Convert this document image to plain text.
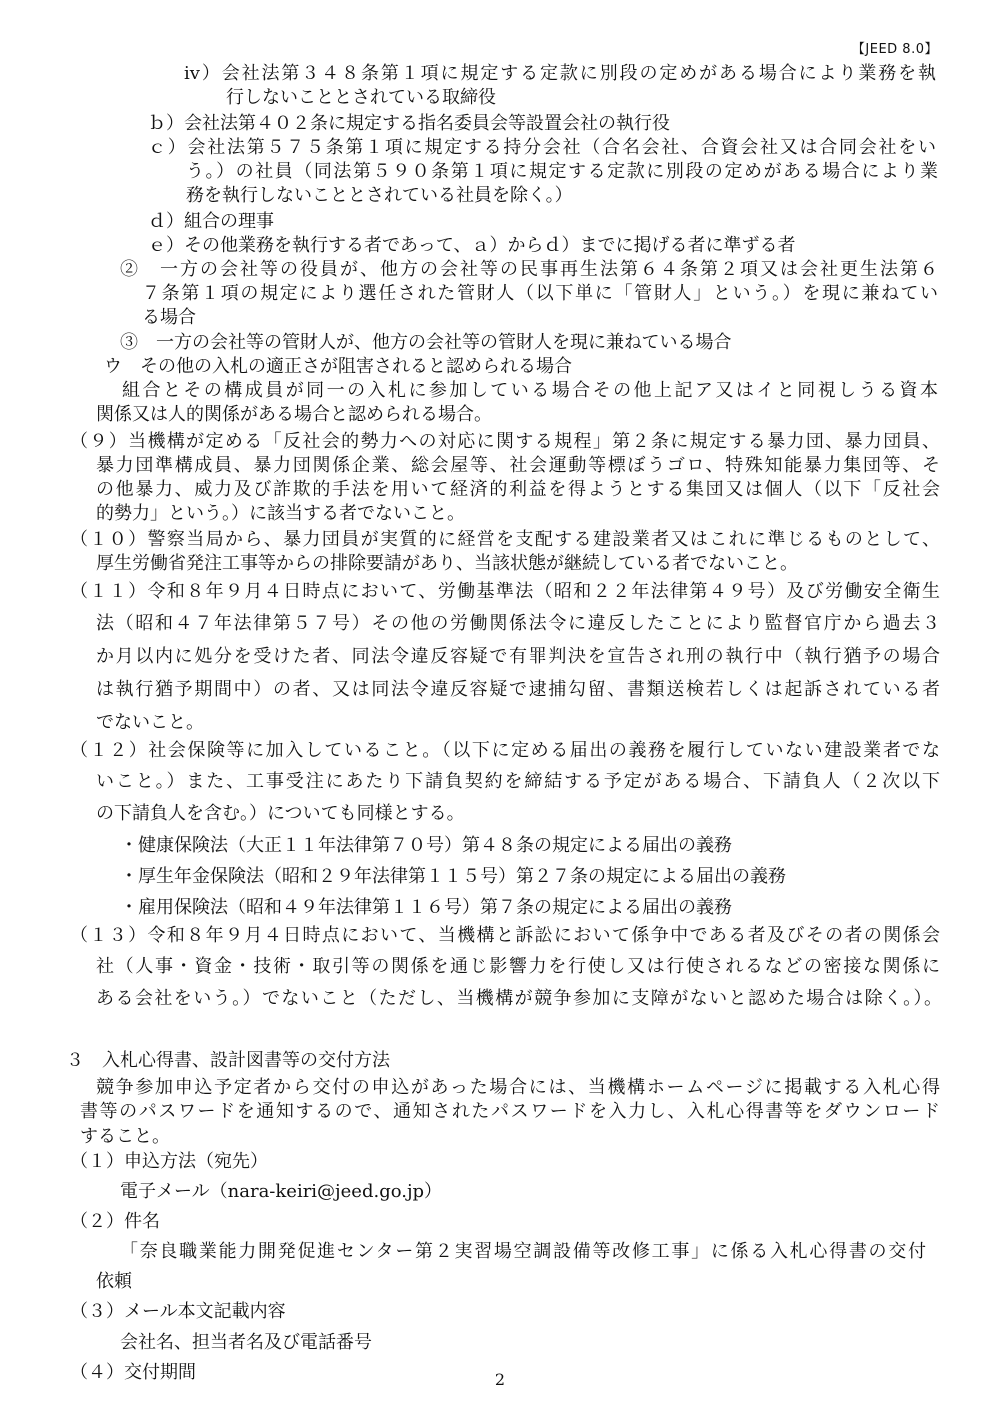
【JEED 8.0】
ⅳ）会社法第３４８条第１項に規定する定款に別段の定めがある場合により業務を執
行しないこととされている取締役
ｂ）会社法第４０２条に規定する指名委員会等設置会社の執行役
ｃ）会社法第５７５条第１項に規定する持分会社（合名会社、合資会社又は合同会社をい
う。）の社員（同法第５９０条第１項に規定する定款に別段の定めがある場合により業
務を執行しないこととされている社員を除く。）
ｄ）組合の理事
ｅ）その他業務を執行する者であって、ａ）からｄ）までに掲げる者に準ずる者
②　一方の会社等の役員が、他方の会社等の民事再生法第６４条第２項又は会社更生法第６
７条第１項の規定により選任された管財人（以下単に「管財人」という。）を現に兼ねてい
る場合
③　一方の会社等の管財人が、他方の会社等の管財人を現に兼ねている場合
ウ　その他の入札の適正さが阻害されると認められる場合
組合とその構成員が同一の入札に参加している場合その他上記ア又はイと同視しうる資本
関係又は人的関係がある場合と認められる場合。
（９）当機構が定める「反社会的勢力への対応に関する規程」第２条に規定する暴力団、暴力団員、
暴力団準構成員、暴力団関係企業、総会屋等、社会運動等標ぼうゴロ、特殊知能暴力集団等、そ
の他暴力、威力及び詐欺的手法を用いて経済的利益を得ようとする集団又は個人（以下「反社会
的勢力」という。）に該当する者でないこと。
（１０）警察当局から、暴力団員が実質的に経営を支配する建設業者又はこれに準じるものとして、
厚生労働省発注工事等からの排除要請があり、当該状態が継続している者でないこと。
（１１）令和８年９月４日時点において、労働基準法（昭和２２年法律第４９号）及び労働安全衛生
法（昭和４７年法律第５７号）その他の労働関係法令に違反したことにより監督官庁から過去３
か月以内に処分を受けた者、同法令違反容疑で有罪判決を宣告され刑の執行中（執行猶予の場合
は執行猶予期間中）の者、又は同法令違反容疑で逮捕勾留、書類送検若しくは起訴されている者
でないこと。
（１２）社会保険等に加入していること。（以下に定める届出の義務を履行していない建設業者でな
いこと。）また、工事受注にあたり下請負契約を締結する予定がある場合、下請負人（２次以下
の下請負人を含む。）についても同様とする。
・健康保険法（大正１１年法律第７０号）第４８条の規定による届出の義務
・厚生年金保険法（昭和２９年法律第１１５号）第２７条の規定による届出の義務
・雇用保険法（昭和４９年法律第１１６号）第７条の規定による届出の義務
（１３）令和８年９月４日時点において、当機構と訴訟において係争中である者及びその者の関係会
社（人事・資金・技術・取引等の関係を通じ影響力を行使し又は行使されるなどの密接な関係に
ある会社をいう。）でないこと（ただし、当機構が競争参加に支障がないと認めた場合は除く。）。
３　入札心得書、設計図書等の交付方法
競争参加申込予定者から交付の申込があった場合には、当機構ホームページに掲載する入札心得
書等のパスワードを通知するので、通知されたパスワードを入力し、入札心得書等をダウンロード
すること。
（１）申込方法（宛先）
電子メール（nara-keiri@jeed.go.jp）
（２）件名
「奈良職業能力開発促進センター第２実習場空調設備等改修工事」に係る入札心得書の交付
依頼
（３）メール本文記載内容
会社名、担当者名及び電話番号
（４）交付期間	2
